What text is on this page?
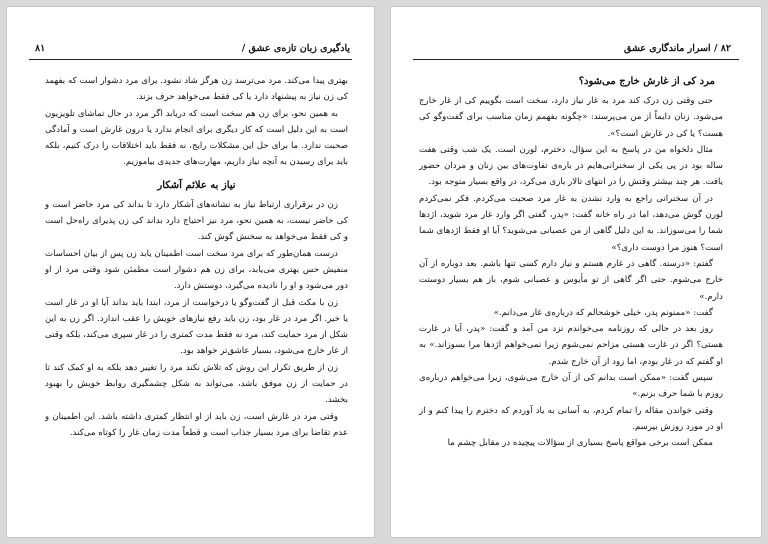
یادگیری زبان تازه‌ی عشق /
۸۱

بهتری پیدا می‌کند. مرد می‌ترسد زن هرگز شاد نشود. برای مرد دشوار است که بفهمد کی زن نیاز به پیشنهاد دارد یا کی فقط می‌خواهد حرف بزند.

به همین نحو، برای زن هم سخت است که دریابد اگر مرد در حال تماشای تلویزیون است به این دلیل است که کار دیگری برای انجام ندارد یا درون غارش است و آمادگی صحبت ندارد. ما برای حل این مشکلات رایج، نه فقط باید اختلافات را درک کنیم، بلکه باید برای رسیدن به آنچه نیاز داریم، مهارت‌های جدیدی بیاموزیم.

نیاز به علائم آشکار

زن در برقراری ارتباط نیاز به نشانه‌های آشکار دارد تا بداند کی مرد حاضر است و کی حاضر نیست، به همین نحو، مرد نیز احتیاج دارد بداند کی زن پذیرای راه‌حل است و کی فقط می‌خواهد به سخنش گوش کند.

درست همان‌طور که برای مرد سخت است اطمینان یابد زن پس از بیان احساسات منفیش حس بهتری می‌یابد، برای زن هم دشوار است مطمئن شود وقتی مرد از او دور می‌شود و او را نادیده می‌گیرد، دوستش دارد.

زن با مکث قبل از گفت‌وگو یا درخواست از مرد، ابتدا باید بداند آیا او در غار است یا خیر. اگر مرد در غار بود، زن باید رفع نیازهای خویش را عقب اندازد. اگر زن به این شکل از مرد حمایت کند، مرد نه فقط مدت کمتری را در غار سپری می‌کند، بلکه وقتی از غار خارج می‌شود، بسیار عاشق‌تر خواهد بود.

زن از طریق تکرار این روش که تلاش نکند مرد را تغییر دهد بلکه به او کمک کند تا در حمایت از زن موفق باشد، می‌تواند به شکل چشمگیری روابط خویش را بهبود بخشد.

وقتی مرد در غارش است، زن باید از او انتظار کمتری داشته باشد. این اطمینان و عدم تقاضا برای مرد بسیار جذاب است و قطعاً مدت زمان غار را کوتاه می‌کند.

۸۲ / اسرار ماندگاری عشق
مرد کی از غارش خارج می‌شود؟

حتی وقتی زن درک کند مرد به غار نیاز دارد، سخت است بگوییم کی از غار خارج می‌شود. زنان دایماً از من می‌پرسند: «چگونه بفهمم زمان مناسب برای گفت‌وگو کی هست؟ یا کی در غارش است؟».

مثال دلخواه من در پاسخ به این سؤال، دخترم، لورن است. یک شب وقتی هفت ساله بود در پی یکی از سخنرانی‌هایم در باره‌ی تفاوت‌های بین زنان و مردان حضور یافت. هر چند بیشتر وقتش را در انتهای تالار بازی می‌کرد، در واقع بسیار متوجه بود.

در آن سخنرانی راجع به وارد نشدن به غار مرد صحبت می‌کردم. فکر نمی‌کردم لورن گوش می‌دهد، اما در راه خانه گفت: «پدر، گفتی اگر وارد غار مرد شوید، اژدها شما را می‌سوزاند. به این دلیل گاهی از من عصبانی می‌شوید؟ آیا او فقط اژدهای شما است؟ هنوز مرا دوست داری؟»

گفتم: «درسته. گاهی در غارم هستم و نیاز دارم کسی تنها باشم. بعد دوباره از آن خارج می‌شوم. حتی اگر گاهی از تو مأیوس و عصبانی شوم، باز هم بسیار دوستت دارم.»

گفت: «ممنونم پدر، خیلی خوشحالم که درباره‌ی غار می‌دانم.»

روز بعد در حالی که روزنامه می‌خواندم نزد من آمد و گفت: «پدر، آیا در غارت هستی؟ اگر در غارت هستی مزاحم نمی‌شوم زیرا نمی‌خواهم اژدها مرا بسوزاند.» به او گفتم که در غار بودم، اما زود از آن خارج شدم.

سپس گفت: «ممکن است بدانم کی از آن خارج می‌شوی، زیرا می‌خواهم درباره‌ی روزم با شما حرف بزنم.»

وقتی خواندن مقاله را تمام کردم، به آسانی به یاد آوردم که دخترم را پیدا کنم و از او در مورد روزش بپرسم.

ممکن است برخی مواقع پاسخ بسیاری از سؤالات پیچیده در مقابل چشم ما
